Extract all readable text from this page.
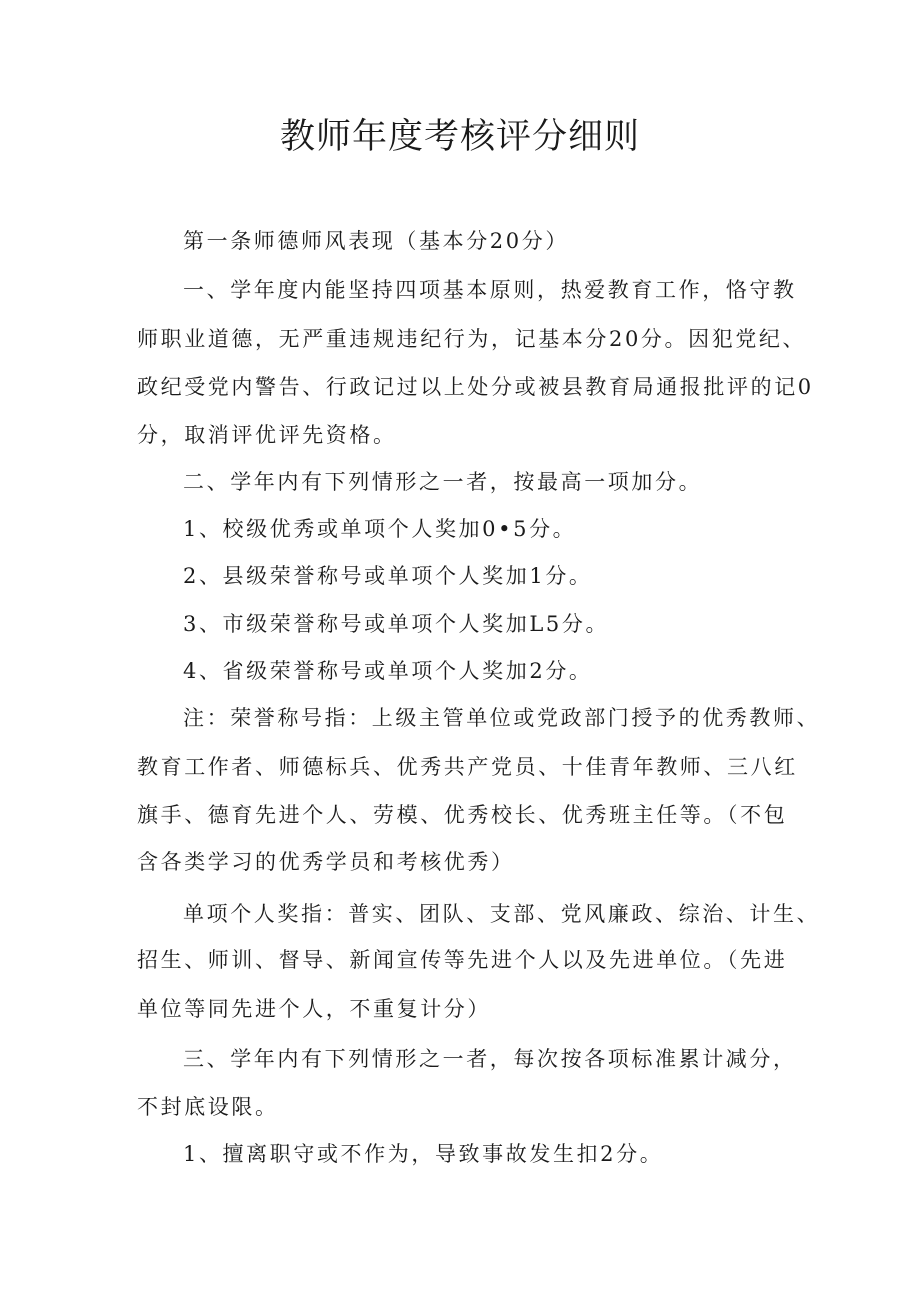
教师年度考核评分细则
第一条师德师风表现（基本分20分）
一、学年度内能坚持四项基本原则，热爱教育工作，恪守教
师职业道德，无严重违规违纪行为，记基本分20分。因犯党纪、
政纪受党内警告、行政记过以上处分或被县教育局通报批评的记0
分，取消评优评先资格。
二、学年内有下列情形之一者，按最高一项加分。
1、校级优秀或单项个人奖加0•5分。
2、县级荣誉称号或单项个人奖加1分。
3、市级荣誉称号或单项个人奖加L5分。
4、省级荣誉称号或单项个人奖加2分。
注：荣誉称号指：上级主管单位或党政部门授予的优秀教师、
教育工作者、师德标兵、优秀共产党员、十佳青年教师、三八红
旗手、德育先进个人、劳模、优秀校长、优秀班主任等。（不包
含各类学习的优秀学员和考核优秀）
单项个人奖指：普实、团队、支部、党风廉政、综治、计生、
招生、师训、督导、新闻宣传等先进个人以及先进单位。（先进
单位等同先进个人，不重复计分）
三、学年内有下列情形之一者，每次按各项标准累计减分，
不封底设限。
1、擅离职守或不作为，导致事故发生扣2分。
